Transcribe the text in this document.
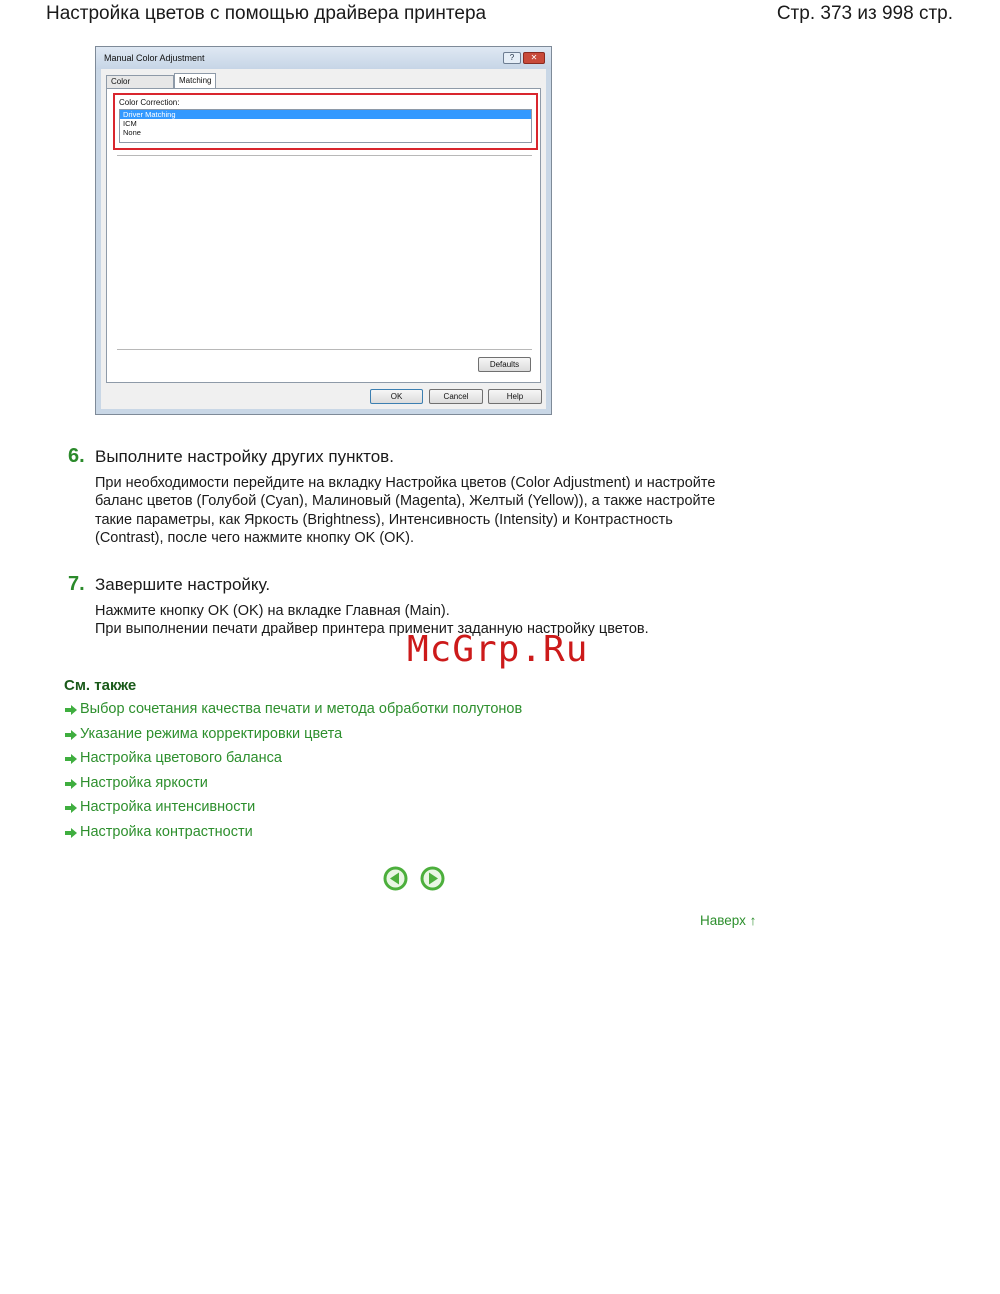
Настройка цветов с помощью драйвера принтера	Стр. 373 из 998 стр.
Manual Color Adjustment	?	✕
Color	Matching
Color Correction:
Driver Matching
ICM
None
Defaults
OK	Cancel	Help
6. Выполните настройку других пунктов.
При необходимости перейдите на вкладку Настройка цветов (Color Adjustment) и настройте
баланс цветов (Голубой (Cyan), Малиновый (Magenta), Желтый (Yellow)), а также настройте
такие параметры, как Яркость (Brightness), Интенсивность (Intensity) и Контрастность
(Contrast), после чего нажмите кнопку OK (OK).
7. Завершите настройку.
Нажмите кнопку OK (OK) на вкладке Главная (Main).
При выполнении печати драйвер принтера применит заданную настройку цветов.
McGrp.Ru
См. также
Выбор сочетания качества печати и метода обработки полутонов
Указание режима корректировки цвета
Настройка цветового баланса
Настройка яркости
Настройка интенсивности
Настройка контрастности
Наверх ↑
